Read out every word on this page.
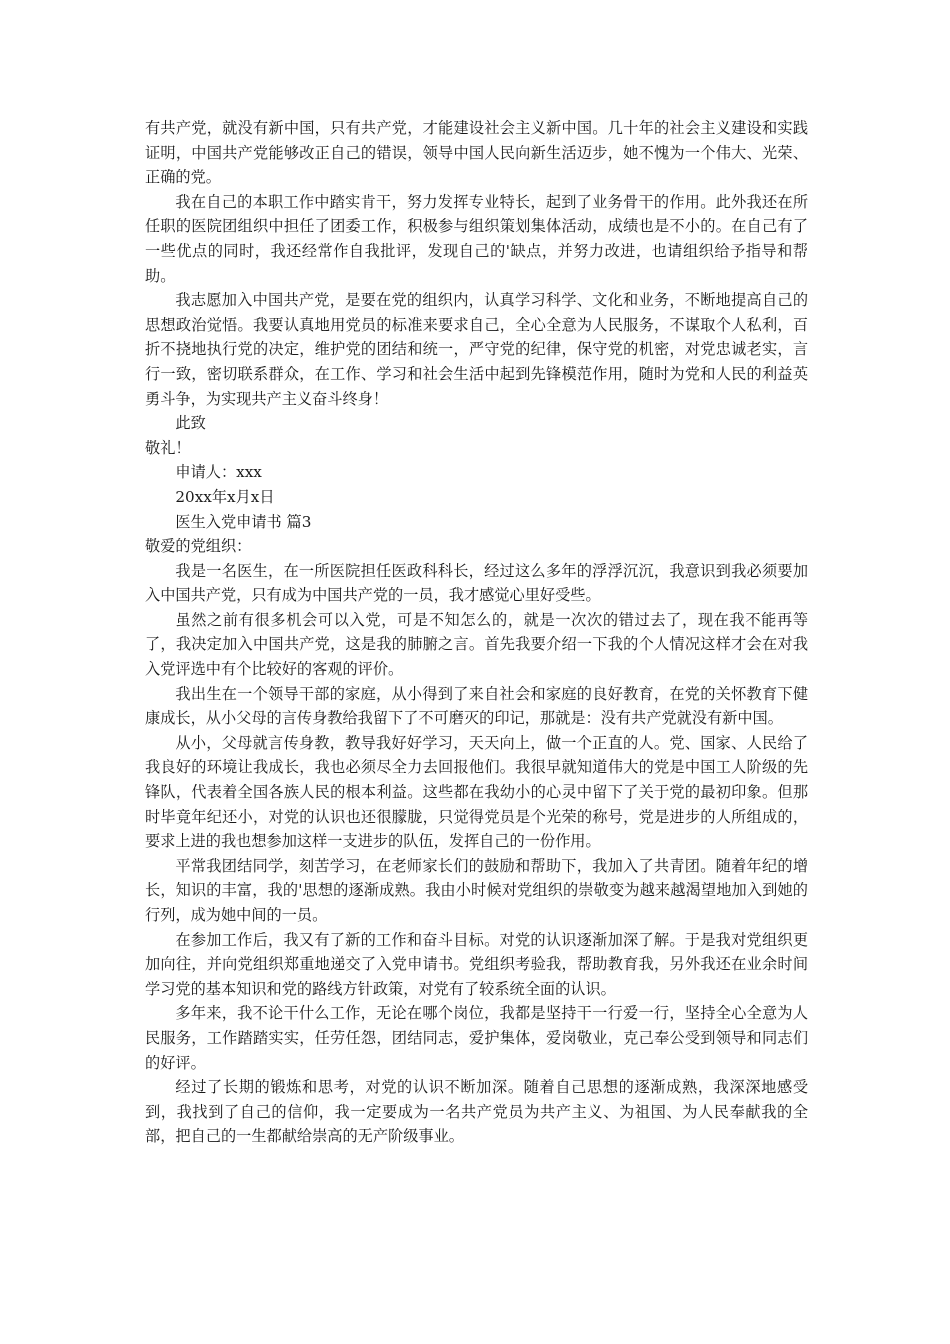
有共产党，就没有新中国，只有共产党，才能建设社会主义新中国。几十年的社会主义建设和实践证明，中国共产党能够改正自己的错误，领导中国人民向新生活迈步，她不愧为一个伟大、光荣、正确的党。

我在自己的本职工作中踏实肯干，努力发挥专业特长，起到了业务骨干的作用。此外我还在所任职的医院团组织中担任了团委工作，积极参与组织策划集体活动，成绩也是不小的。在自己有了一些优点的同时，我还经常作自我批评，发现自己的'缺点，并努力改进，也请组织给予指导和帮助。

我志愿加入中国共产党，是要在党的组织内，认真学习科学、文化和业务，不断地提高自己的思想政治觉悟。我要认真地用党员的标准来要求自己，全心全意为人民服务，不谋取个人私利，百折不挠地执行党的决定，维护党的团结和统一，严守党的纪律，保守党的机密，对党忠诚老实，言行一致，密切联系群众，在工作、学习和社会生活中起到先锋模范作用，随时为党和人民的利益英勇斗争，为实现共产主义奋斗终身！

此致

敬礼！

申请人：xxx

20xx年x月x日

医生入党申请书 篇3

敬爱的党组织：

我是一名医生，在一所医院担任医政科科长，经过这么多年的浮浮沉沉，我意识到我必须要加入中国共产党，只有成为中国共产党的一员，我才感觉心里好受些。

虽然之前有很多机会可以入党，可是不知怎么的，就是一次次的错过去了，现在我不能再等了，我决定加入中国共产党，这是我的肺腑之言。首先我要介绍一下我的个人情况这样才会在对我入党评选中有个比较好的客观的评价。

我出生在一个领导干部的家庭，从小得到了来自社会和家庭的良好教育，在党的关怀教育下健康成长，从小父母的言传身教给我留下了不可磨灭的印记，那就是：没有共产党就没有新中国。

从小，父母就言传身教，教导我好好学习，天天向上，做一个正直的人。党、国家、人民给了我良好的环境让我成长，我也必须尽全力去回报他们。我很早就知道伟大的党是中国工人阶级的先锋队，代表着全国各族人民的根本利益。这些都在我幼小的心灵中留下了关于党的最初印象。但那时毕竟年纪还小，对党的认识也还很朦胧，只觉得党员是个光荣的称号，党是进步的人所组成的，要求上进的我也想参加这样一支进步的队伍，发挥自己的一份作用。

平常我团结同学，刻苦学习，在老师家长们的鼓励和帮助下，我加入了共青团。随着年纪的增长，知识的丰富，我的'思想的逐渐成熟。我由小时候对党组织的崇敬变为越来越渴望地加入到她的行列，成为她中间的一员。

在参加工作后，我又有了新的工作和奋斗目标。对党的认识逐渐加深了解。于是我对党组织更加向往，并向党组织郑重地递交了入党申请书。党组织考验我，帮助教育我，另外我还在业余时间学习党的基本知识和党的路线方针政策，对党有了较系统全面的认识。

多年来，我不论干什么工作，无论在哪个岗位，我都是坚持干一行爱一行，坚持全心全意为人民服务，工作踏踏实实，任劳任怨，团结同志，爱护集体，爱岗敬业，克己奉公受到领导和同志们的好评。

经过了长期的锻炼和思考，对党的认识不断加深。随着自己思想的逐渐成熟，我深深地感受到，我找到了自己的信仰，我一定要成为一名共产党员为共产主义、为祖国、为人民奉献我的全部，把自己的一生都献给崇高的无产阶级事业。
